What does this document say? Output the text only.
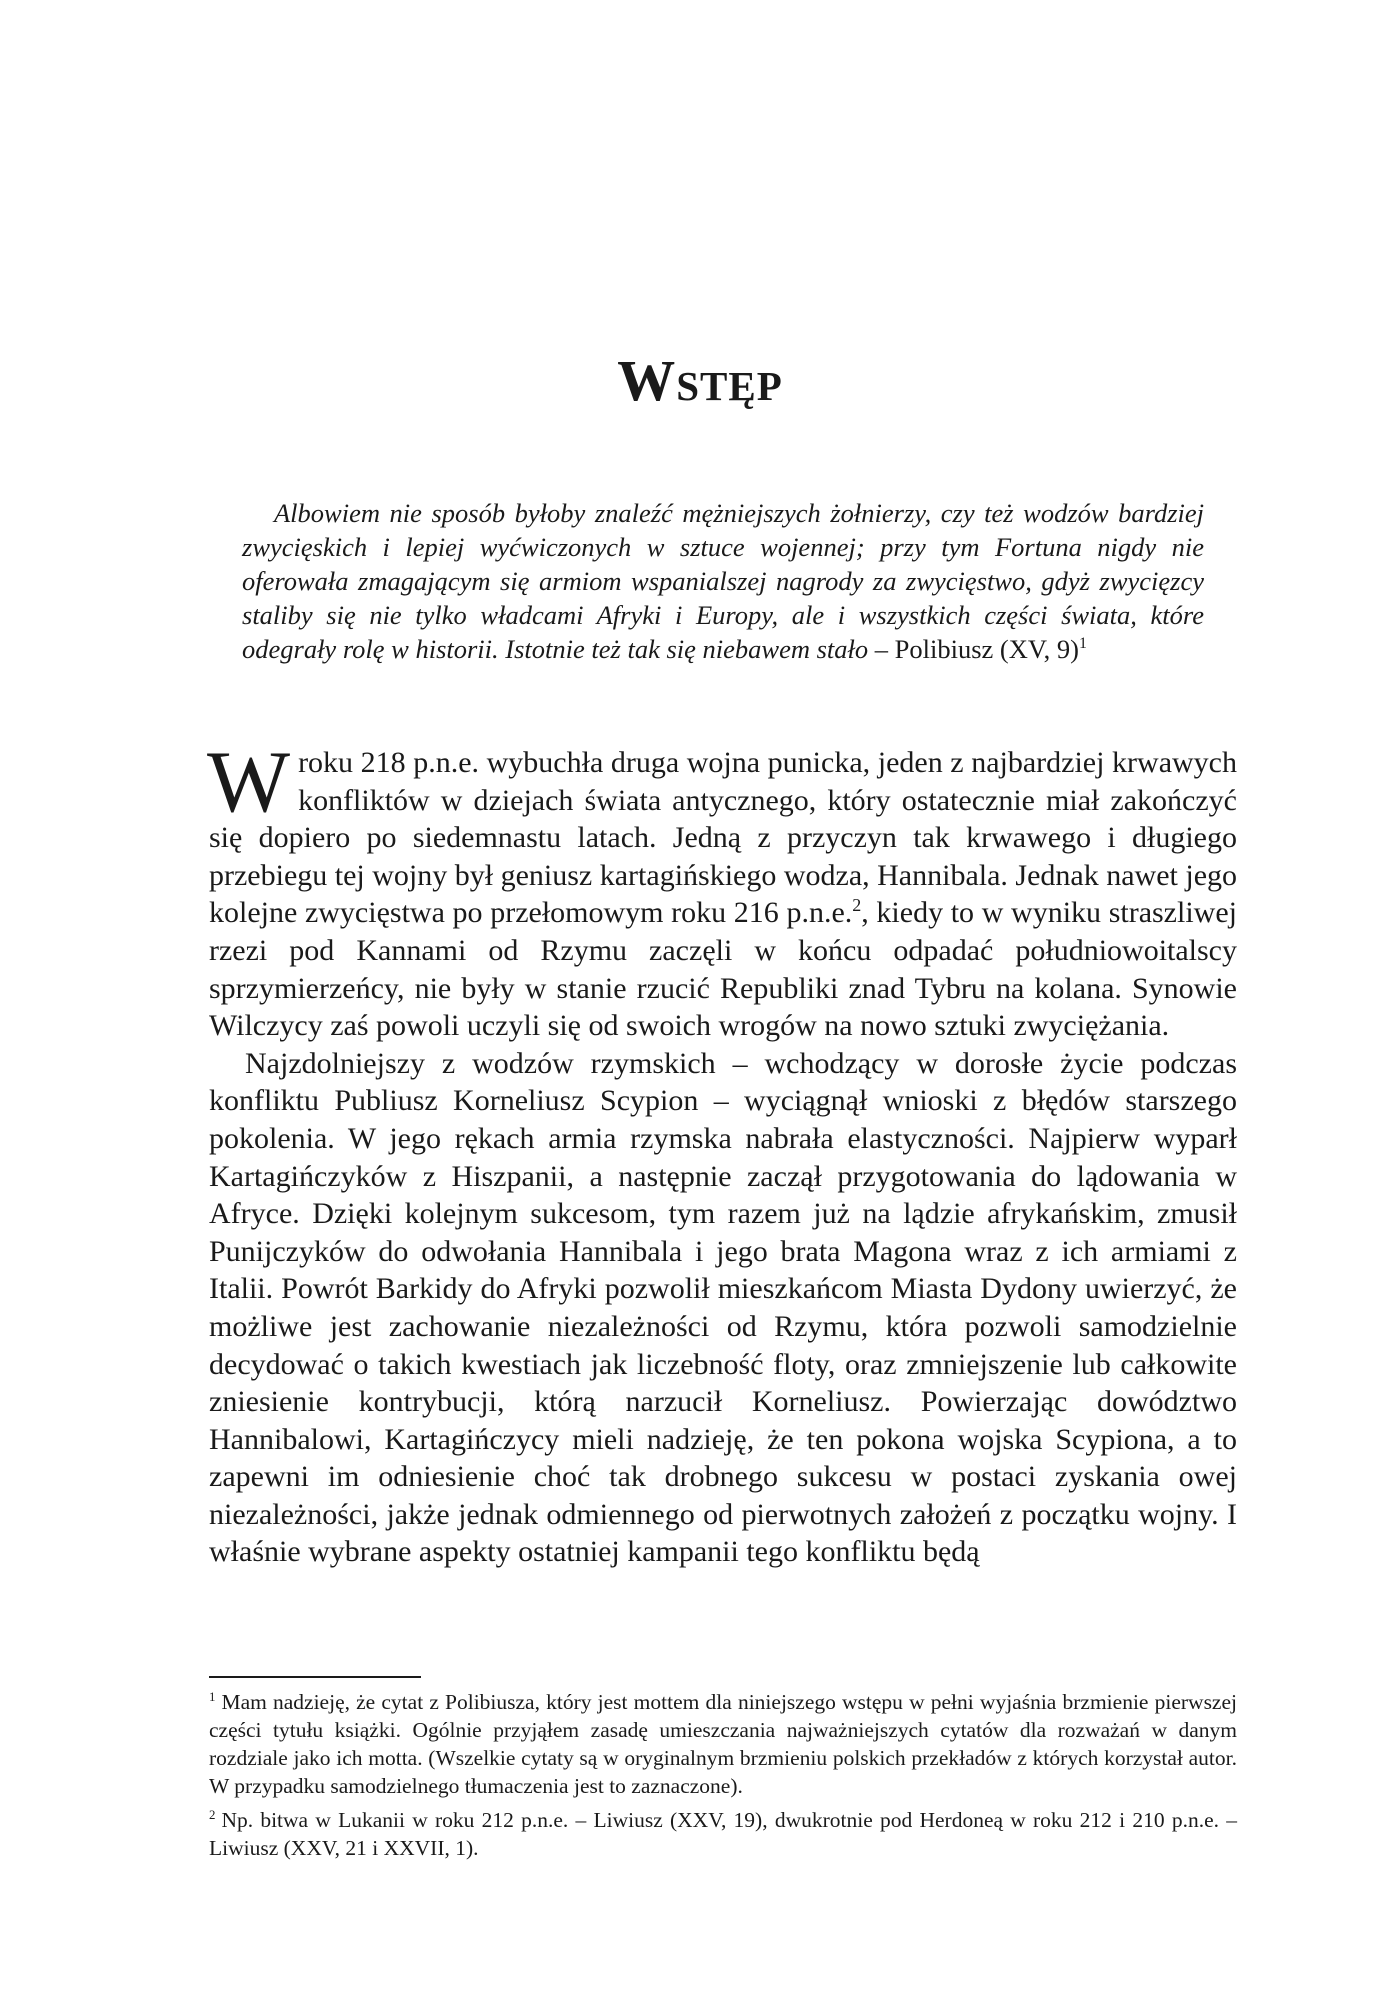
Wstęp

Albowiem nie sposób byłoby znaleźć mężniejszych żołnierzy, czy też wodzów bardziej zwycięskich i lepiej wyćwiczonych w sztuce wojennej; przy tym Fortuna nigdy nie oferowała zmagającym się armiom wspanialszej nagrody za zwycięstwo, gdyż zwycięzcy staliby się nie tylko władcami Afryki i Europy, ale i wszystkich części świata, które odegrały rolę w historii. Istotnie też tak się niebawem stało – Polibiusz (XV, 9)$^1$

Wroku 218 p.n.e. wybuchła druga wojna punicka, jeden z najbardziej krwawych konfliktów w dziejach świata antycznego, który ostatecznie miał zakończyć się dopiero po siedemnastu latach. Jedną z przyczyn tak krwawego i długiego przebiegu tej wojny był geniusz kartagińskiego wodza, Hannibala. Jednak nawet jego kolejne zwycięstwa po przełomowym roku 216 p.n.e.$^2$, kiedy to w wyniku straszliwej rzezi pod Kannami od Rzymu zaczęli w końcu odpadać południowoitalscy sprzymierzeńcy, nie były w stanie rzucić Republiki znad Tybru na kolana. Synowie Wilczycy zaś powoli uczyli się od swoich wrogów na nowo sztuki zwyciężania.

Najzdolniejszy z wodzów rzymskich – wchodzący w dorosłe życie podczas konfliktu Publiusz Korneliusz Scypion – wyciągnął wnioski z błędów starszego pokolenia. W jego rękach armia rzymska nabrała elastyczności. Najpierw wyparł Kartagińczyków z Hiszpanii, a następnie zaczął przygotowania do lądowania w Afryce. Dzięki kolejnym sukcesom, tym razem już na lądzie afrykańskim, zmusił Punijczyków do odwołania Hannibala i jego brata Magona wraz z ich armiami z Italii. Powrót Barkidy do Afryki pozwolił mieszkańcom Miasta Dydony uwierzyć, że możliwe jest zachowanie niezależności od Rzymu, która pozwoli samodzielnie decydować o takich kwestiach jak liczebność floty, oraz zmniejszenie lub całkowite zniesienie kontrybucji, którą narzucił Korneliusz. Powierzając dowództwo Hannibalowi, Kartagińczycy mieli nadzieję, że ten pokona wojska Scypiona, a to zapewni im odniesienie choć tak drobnego sukcesu w postaci zyskania owej niezależności, jakże jednak odmiennego od pierwotnych założeń z początku wojny. I właśnie wybrane aspekty ostatniej kampanii tego konfliktu będą

$^1$ Mam nadzieję, że cytat z Polibiusza, który jest mottem dla niniejszego wstępu w pełni wyjaśnia brzmienie pierwszej części tytułu książki. Ogólnie przyjąłem zasadę umieszczania najważniejszych cytatów dla rozważań w danym rozdziale jako ich motta. (Wszelkie cytaty są w oryginalnym brzmieniu polskich przekładów z których korzystał autor. W przypadku samodzielnego tłumaczenia jest to zaznaczone).

$^2$ Np. bitwa w Lukanii w roku 212 p.n.e. – Liwiusz (XXV, 19), dwukrotnie pod Herdoneą w roku 212 i 210 p.n.e. – Liwiusz (XXV, 21 i XXVII, 1).
